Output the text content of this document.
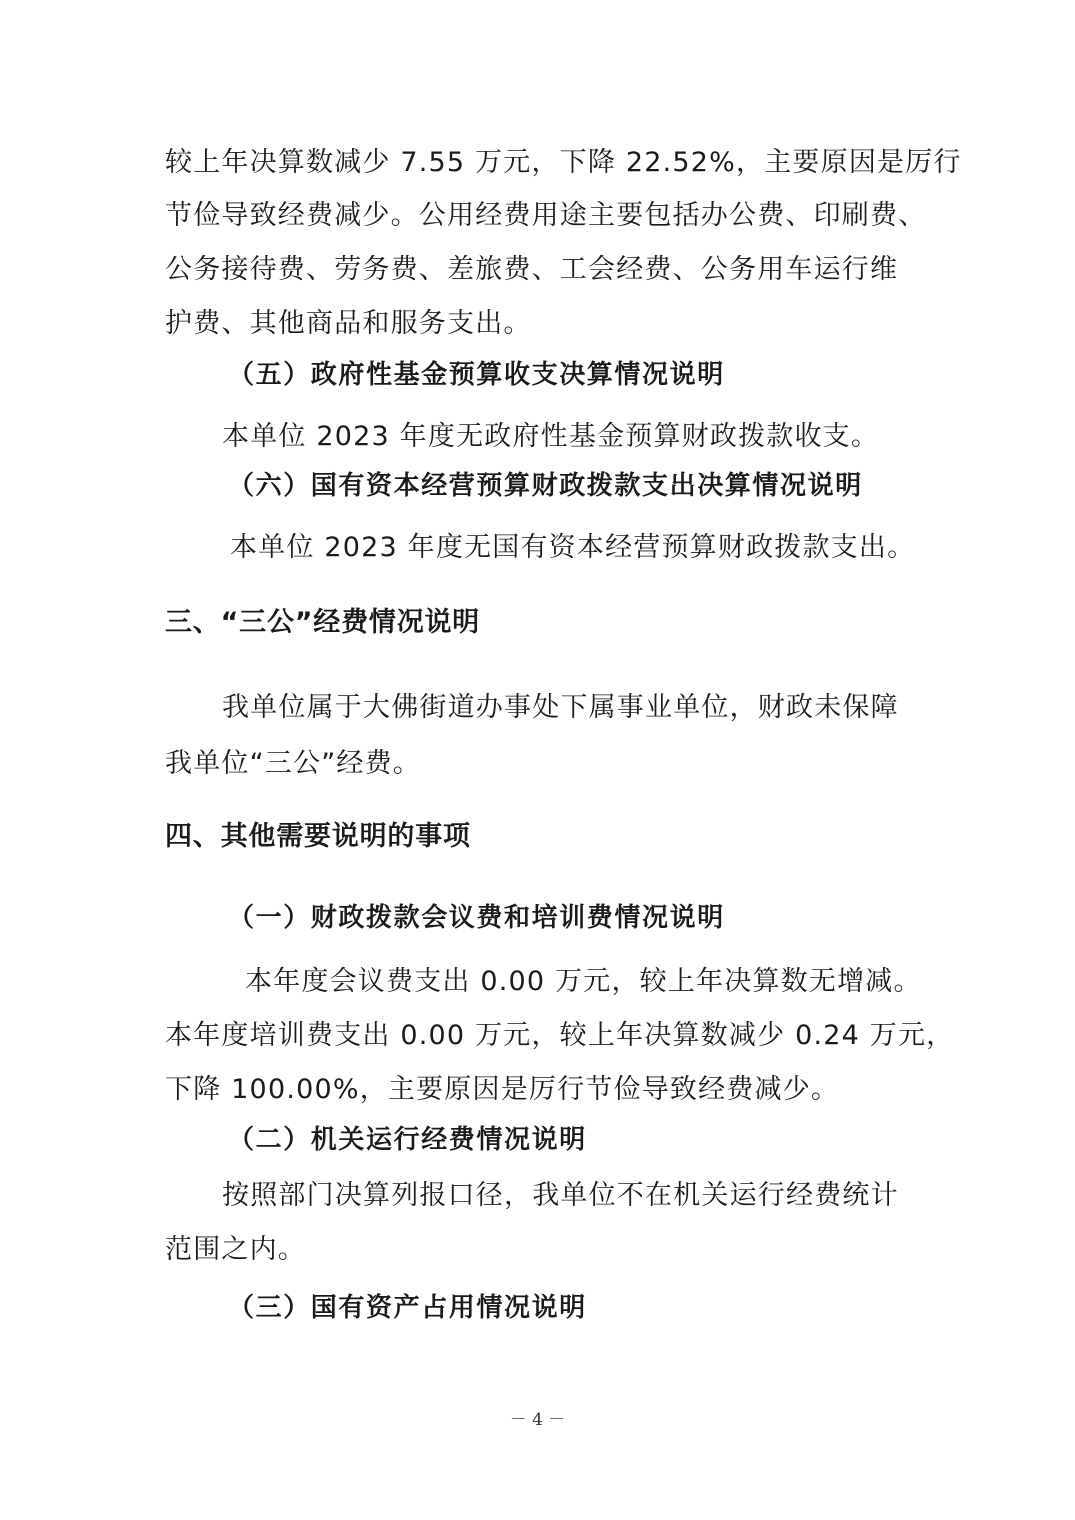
较上年决算数减少 7.55 万元，下降 22.52%，主要原因是厉行

节俭导致经费减少。公用经费用途主要包括办公费、印刷费、

公务接待费、劳务费、差旅费、工会经费、公务用车运行维

护费、其他商品和服务支出。

（五）政府性基金预算收支决算情况说明

本单位 2023 年度无政府性基金预算财政拨款收支。

（六）国有资本经营预算财政拨款支出决算情况说明

本单位 2023 年度无国有资本经营预算财政拨款支出。

三、“三公”经费情况说明

我单位属于大佛街道办事处下属事业单位，财政未保障

我单位“三公”经费。

四、其他需要说明的事项

（一）财政拨款会议费和培训费情况说明

本年度会议费支出 0.00 万元，较上年决算数无增减。

本年度培训费支出 0.00 万元，较上年决算数减少 0.24 万元，

下降 100.00%，主要原因是厉行节俭导致经费减少。

（二）机关运行经费情况说明

按照部门决算列报口径，我单位不在机关运行经费统计

范围之内。

（三）国有资产占用情况说明

－ 4 －
